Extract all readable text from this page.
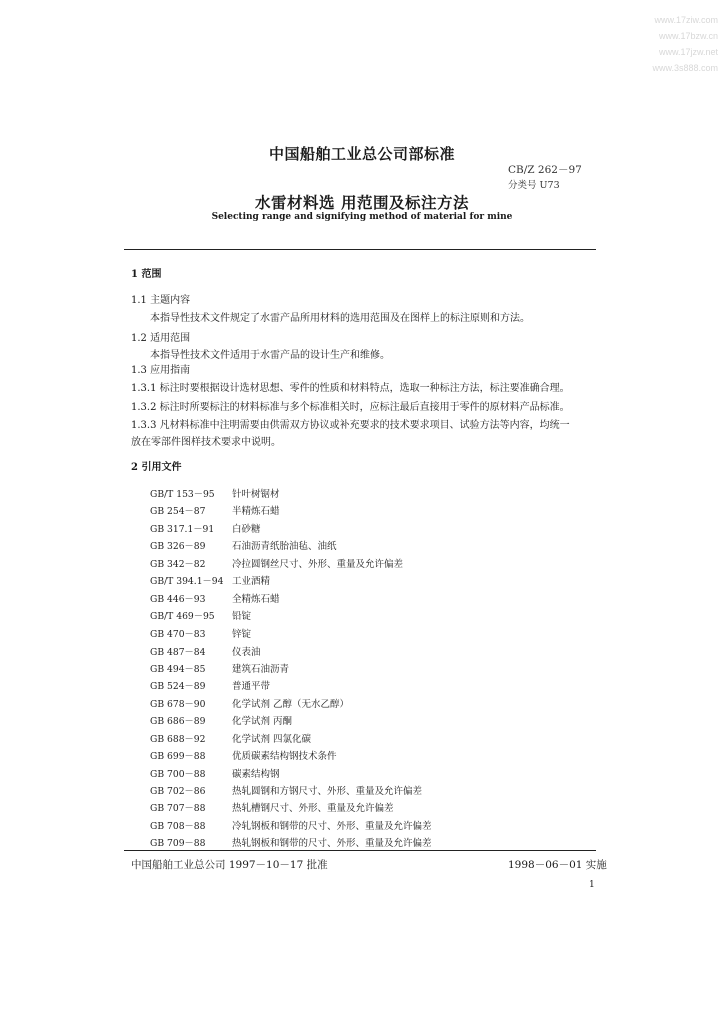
www.17ziw.com
www.17bzw.cn
www.17jzw.net
www.3s888.com
中国船舶工业总公司部标准
CB/Z 262－97
分类号 U73
水雷材料选 用范围及标注方法
Selecting range and signifying method of material for mine
1 范围
1.1 主题内容
本指导性技术文件规定了水雷产品所用材料的选用范围及在图样上的标注原则和方法。
1.2 适用范围
本指导性技术文件适用于水雷产品的设计生产和维修。
1.3 应用指南
1.3.1 标注时要根据设计选材思想、零件的性质和材料特点，选取一种标注方法，标注要准确合理。
1.3.2 标注时所要标注的材料标准与多个标准相关时，应标注最后直接用于零件的原材料产品标准。
1.3.3 凡材料标准中注明需要由供需双方协议或补充要求的技术要求项目、试验方法等内容，均统一
放在零部件图样技术要求中说明。
2 引用文件
GB/T 153－95 针叶树锯材
GB 254－87	半精炼石蜡
GB 317.1－91 白砂糖
GB 326－89	石油沥青纸胎油毡、油纸
GB 342－82	冷拉圆钢丝尺寸、外形、重量及允许偏差
GB/T 394.1－94 工业酒精
GB 446－93	全精炼石蜡
GB/T 469－95 铅锭
GB 470－83	锌锭
GB 487－84	仪表油
GB 494－85	建筑石油沥青
GB 524－89	普通平带
GB 678－90	化学试剂 乙醇（无水乙醇）
GB 686－89	化学试剂 丙酮
GB 688－92	化学试剂 四氯化碳
GB 699－88	优质碳素结构钢技术条件
GB 700－88	碳素结构钢
GB 702－86	热轧圆钢和方钢尺寸、外形、重量及允许偏差
GB 707－88	热轧槽钢尺寸、外形、重量及允许偏差
GB 708－88	冷轧钢板和钢带的尺寸、外形、重量及允许偏差
GB 709－88	热轧钢板和钢带的尺寸、外形、重量及允许偏差
中国船舶工业总公司 1997－10－17 批准	1998－06－01 实施
1
